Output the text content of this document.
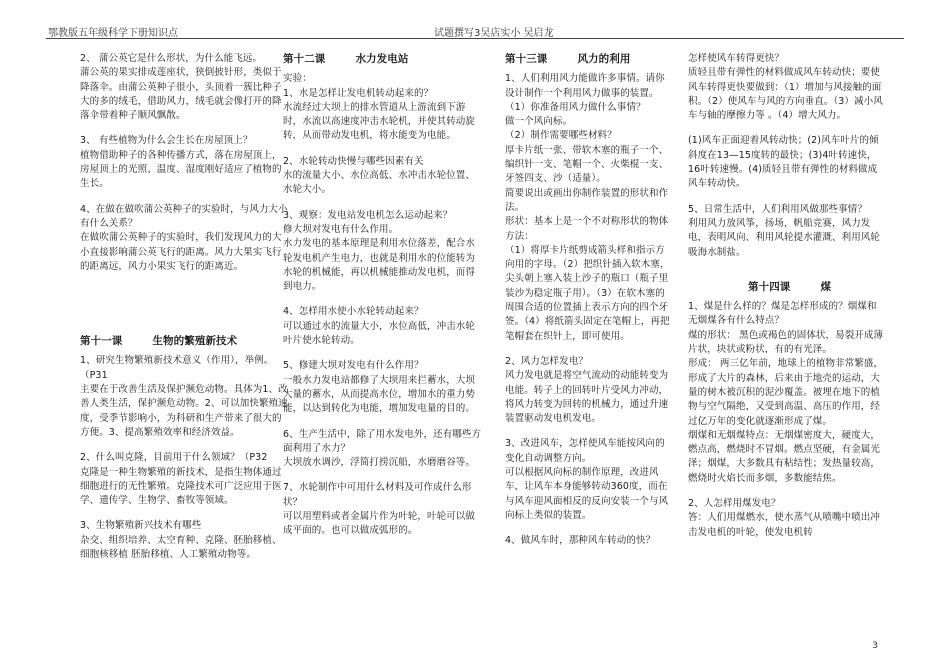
鄂教版五年级科学下册知识点	试题撰写3吴店实小 吴启龙

2、 蒲公英它是什么形状，为什么能飞远。
蒲公英的果实排成莲座状，狭倒披针形，类似于降落伞。由蒲公英种子很小，头顶着一簇比种子大的多的绒毛，借助风力，绒毛就会像打开的降落伞带着种子顺风飘散。

3、 有些植物为什么会生长在房屋顶上？
植物借助种子的各种传播方式，落在房屋顶上，房屋顶上的光照、温度、湿度刚好适应了植物的生长。

4、在做在做吹蒲公英种子的实验时，与风力大小有什么关系？
在做吹蒲公英种子的实验时，我们发现风力的大小直接影响蒲公英飞行的距离。风力大果实飞行的距离远，风力小果实飞行的距离近。

第十一课        生物的繁殖新技术

1、研究生物繁殖新技术意义（作用），举例。（P31
主要在于改善生活及保护濒危动物。具体为1、改善人类生活，保护濒危动物。2、可以加快繁殖速度，受季节影响小，为科研和生产带来了很大的方便。3、提高繁殖效率和经济效益。

2、什么叫克隆，目前用于什么领域？（P32
克隆是一种生物繁殖的新技术，是指生物体通过细胞进行的无性繁殖。克隆技术可广泛应用于医学、遗传学、生物学、畜牧等领域。

3、生物繁殖新兴技术有哪些
杂交、组织培养、太空育种、克隆、胚胎移植、细胞核移植 胚胎移植、人工繁殖动物等。

第十二课        水力发电站

实验：
1、水是怎样让发电机转动起来的？
水流经过大坝上的排水管道从上游流到下游时，水流以高速度冲击水轮机，并使其转动旋转，从而带动发电机，将水能变为电能。

2、水轮转动快慢与哪些因素有关
水的流量大小、水位高低、水冲击水轮位置、水轮大小。

3、观察：发电站发电机怎么运动起来？
修大坝对发电有什么作用。
水力发电的基本原理是利用水位落差，配合水轮发电机产生电力，也就是利用水的位能转为水轮的机械能，再以机械能推动发电机，而得到电力。

4、怎样用水使小水轮转动起来？
可以通过水的流量大小，水位高低，冲击水轮叶片使水轮转动。

5、修建大坝对发电有什么作用？
一般水力发电站都修了大坝用来拦蓄水，大坝大量的蓄水，从而提高水位，增加水的重力势能，以达到转化为电能，增加发电量的目的。

6、生产生活中，除了用水发电外，还有哪些方面利用了水力？
大坝放水调沙，浮简打捞沉船，水磨磨谷等。

7、水轮制作中可用什么材料及可作成什么形状？
可以用塑料或者金属片作为叶轮，叶轮可以做成平面的。也可以做成弧形的。

第十三课        风力的利用

1、人们利用风力能做许多事情。请你设计制作一个利用风力做事的装置。
（1）你准备用风力做什么事情？
做一个风向标。
（2）制作需要哪些材料？
厚卡片纸一张、带软木塞的瓶子一个、编织针一支、笔帽一个、火柴棍一支、牙签四支、沙（适量）。
简要说出或画出你制作装置的形状和作法。
形状：基本上是一个不对称形状的物体方法：
（1）将厚卡片纸剪成箭头样和指示方向用的字母。（2）把织针插入软木塞，尖头朝上塞入装上沙子的瓶口（瓶子里装沙为稳定瓶子用）。（3）在软木塞的周围合适的位置插上表示方向的四个牙签。（4）将纸箭头固定在笔帽上，再把笔帽套在织针上，即可使用。

2、风力怎样发电？
风力发电就是将空气流动的动能转变为电能。转子上的回转叶片受风力冲动，将风力转变为回转的机械力，通过升速装置驱动发电机发电。

3、改进风车，怎样使风车能按风向的变化自动调整方向。
可以根据风向标的制作原理，改进风车，让风车本身能够转动360度，而在与风车迎风面相反的反向安装一个与风向标上类似的装置。

4、做风车时，那种风车转动的快？

怎样使风车转得更快？
质轻且带有弹性的材料做成风车转动快；要使风车转得更快要做到：（1）增加与风接触的面积。（2）使风车与风的方向垂直。（3）减小风车与轴的摩擦力等 。（4）增大风力。

(1)风车正面迎着风转动快；(2)风车叶片的倾斜度在13—15度转的最快；(3)4叶转速快，16叶转速慢。(4)质轻且带有弹性的材料做成风车转动快。

5、日常生活中，人们利用风做那些事情？
利用风力放风筝，扬场，帆船竞赛，风力发电，表明风向、利用风轮提水灌溉、利用风轮吸海水制盐。

第十四课        煤

1、煤是什么样的？煤是怎样形成的？烟煤和无烟煤各有什么特点？
煤的形状： 黑色或褐色的固体状，易裂开成薄片状，块状或粉状，有的有光泽。
形成： 两三亿年前，地球上的植物非常繁盛，形成了大片的森林，后来由于地壳的运动，大量的树木被沉积的泥沙覆盖。被埋在地下的植物与空气隔绝，又受到高温、高压的作用，经过亿万年的变化就逐渐形成了煤。
烟煤和无烟煤特点：无烟煤密度大，硬度大，燃点高，燃烧时不冒烟。燃点坚硬，有金属光泽；烟煤，大多数具有粘结性；发热量较高，燃烧时火焰长而多烟，多数能结焦。

2、人怎样用煤发电？
答：人们用煤燃水，使水蒸气从喷嘴中喷出冲击发电机的叶轮，使发电机转

3
